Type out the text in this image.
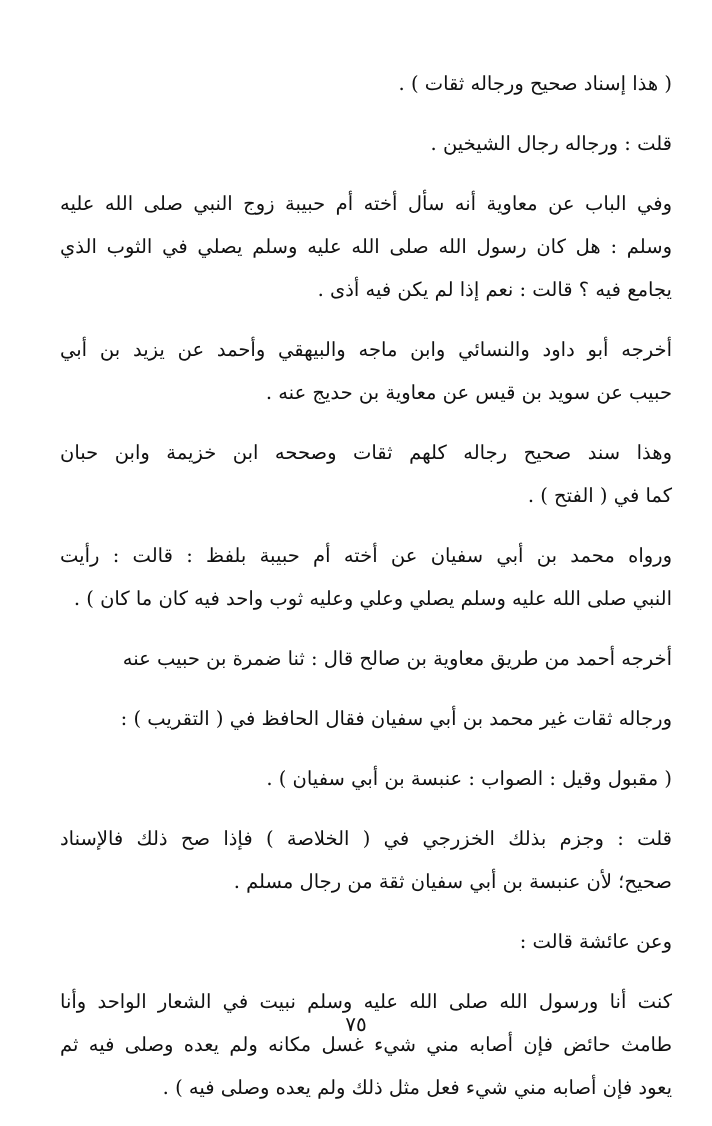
( هذا إسناد صحيح ورجاله ثقات ) .
قلت : ورجاله رجال الشيخين .
وفي الباب عن معاوية أنه سأل أخته أم حبيبة زوج النبي صلى الله عليه
وسلم : هل كان رسول الله صلى الله عليه وسلم يصلي في الثوب الذي
يجامع فيه ؟ قالت : نعم إذا لم يكن فيه أذى .
أخرجه أبو داود والنسائي وابن ماجه والبيهقي وأحمد عن يزيد بن أبي
حبيب عن سويد بن قيس عن معاوية بن حديج عنه .
وهذا سند صحيح رجاله كلهم ثقات وصححه ابن خزيمة وابن حبان
كما في ( الفتح ) .
ورواه محمد بن أبي سفيان عن أخته أم حبيبة بلفظ : قالت : رأيت
النبي صلى الله عليه وسلم يصلي وعلي وعليه ثوب واحد فيه كان ما كان ) .
أخرجه أحمد من طريق معاوية بن صالح قال : ثنا ضمرة بن حبيب عنه
ورجاله ثقات غير محمد بن أبي سفيان فقال الحافظ في ( التقريب ) :
( مقبول وقيل : الصواب : عنبسة بن أبي سفيان ) .
قلت : وجزم بذلك الخزرجي في ( الخلاصة ) فإذا صح ذلك فالإسناد
صحيح؛ لأن عنبسة بن أبي سفيان ثقة من رجال مسلم .
وعن عائشة قالت :
كنت أنا ورسول الله صلى الله عليه وسلم نبيت في الشعار الواحد وأنا
طامث حائض فإن أصابه مني شيء غسل مكانه ولم يعده وصلى فيه ثم
يعود فإن أصابه مني شيء فعل مثل ذلك ولم يعده وصلى فيه ) .
٧٥
